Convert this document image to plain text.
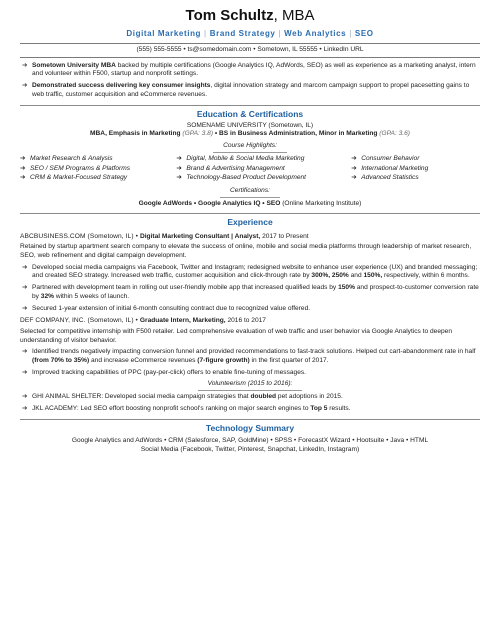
Tom Schultz, MBA
Digital Marketing | Brand Strategy | Web Analytics | SEO
(555) 555-5555 • ts@somedomain.com • Sometown, IL 55555 • LinkedIn URL
➔ Sometown University MBA backed by multiple certifications (Google Analytics IQ, AdWords, SEO) as well as experience as a marketing analyst, intern and volunteer within F500, startup and nonprofit settings.
➔ Demonstrated success delivering key consumer insights, digital innovation strategy and marcom campaign support to propel pacesetting gains to web traffic, customer acquisition and eCommerce revenues.
Education & Certifications
SOMENAME UNIVERSITY (Sometown, IL)
MBA, Emphasis in Marketing (GPA: 3.8) • BS in Business Administration, Minor in Marketing (GPA: 3.6)
Course Highlights:
➔ Market Research & Analysis
➔ SEO / SEM Programs & Platforms
➔ CRM & Market-Focused Strategy
➔ Digital, Mobile & Social Media Marketing
➔ Brand & Advertising Management
➔ Technology-Based Product Development
➔ Consumer Behavior
➔ International Marketing
➔ Advanced Statistics
Certifications:
Google AdWords • Google Analytics IQ • SEO (Online Marketing Institute)
Experience
ABCBUSINESS.COM (Sometown, IL) • Digital Marketing Consultant | Analyst, 2017 to Present

Retained by startup apartment search company to elevate the success of online, mobile and social media platforms through leadership of market research, SEO, web refinement and digital campaign development.

➔ Developed social media campaigns via Facebook, Twitter and Instagram; redesigned website to enhance user experience (UX) and branded messaging; and created SEO strategy. Increased web traffic, customer acquisition and click-through rate by 300%, 250% and 150%, respectively, within 6 months.
➔ Partnered with development team in rolling out user-friendly mobile app that increased qualified leads by 150% and prospect-to-customer conversion rate by 32% within 5 weeks of launch.
➔ Secured 1-year extension of initial 6-month consulting contract due to recognized value offered.
DEF COMPANY, INC. (Sometown, IL) • Graduate Intern, Marketing, 2016 to 2017

Selected for competitive internship with F500 retailer. Led comprehensive evaluation of web traffic and user behavior via Google Analytics to deepen understanding of visitor behavior.

➔ Identified trends negatively impacting conversion funnel and provided recommendations to fast-track solutions. Helped cut cart-abandonment rate in half (from 70% to 35%) and increase eCommerce revenues (7-figure growth) in the first quarter of 2017.
➔ Improved tracking capabilities of PPC (pay-per-click) offers to enable fine-tuning of messages.
Volunteerism (2015 to 2016):
➔ GHI ANIMAL SHELTER: Developed social media campaign strategies that doubled pet adoptions in 2015.
➔ JKL ACADEMY: Led SEO effort boosting nonprofit school's ranking on major search engines to Top 5 results.
Technology Summary
Google Analytics and AdWords • CRM (Salesforce, SAP, GoldMine) • SPSS • ForecastX Wizard • Hootsuite • Java • HTML
Social Media (Facebook, Twitter, Pinterest, Snapchat, LinkedIn, Instagram)
